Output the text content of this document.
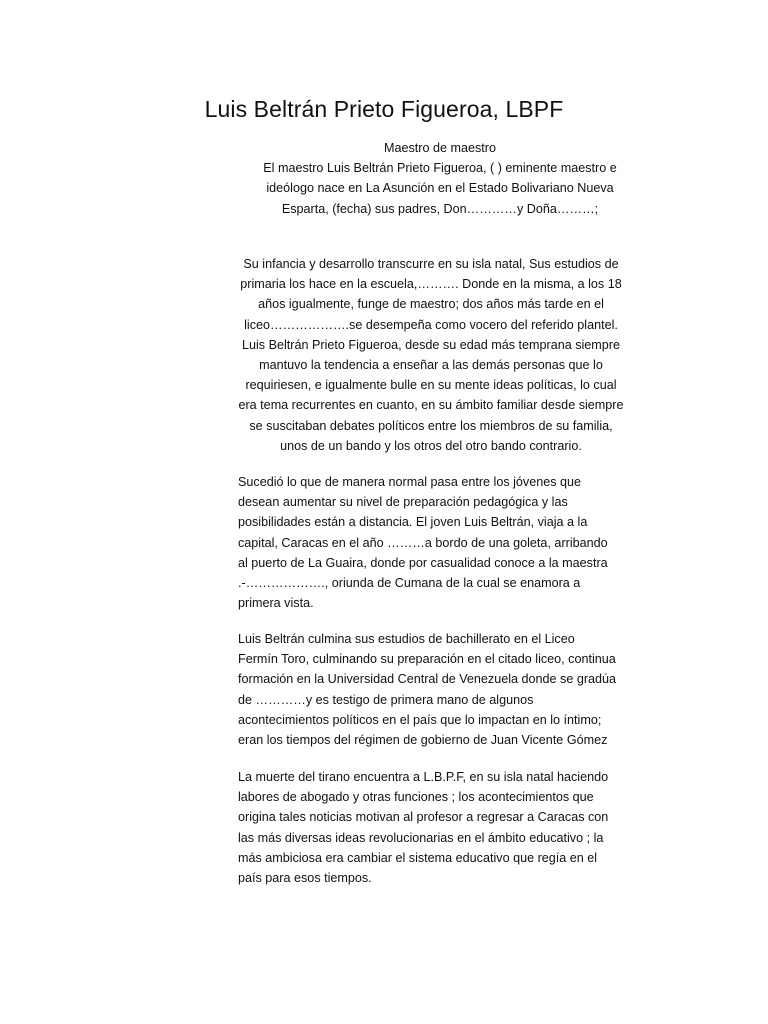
Luis Beltrán Prieto Figueroa, LBPF

Maestro de maestro
El maestro Luis Beltrán Prieto Figueroa, ( ) eminente maestro e ideólogo nace en La Asunción en el Estado Bolivariano Nueva Esparta, (fecha) sus padres, Don…………y Doña………;

Su infancia y desarrollo transcurre en su isla natal, Sus estudios de primaria los hace en la escuela,………. Donde en la misma, a los 18 años igualmente, funge de maestro; dos años más tarde en el liceo……………….se desempeña como vocero del referido plantel. Luis Beltrán Prieto Figueroa, desde su edad más temprana siempre mantuvo la tendencia a enseñar a las demás personas que lo requiriesen, e igualmente bulle en su mente ideas políticas, lo cual era tema recurrentes en cuanto, en su ámbito familiar desde siempre se suscitaban debates políticos entre los miembros de su familia, unos de un bando y los otros del otro bando contrario.

Sucedió lo que de manera normal pasa entre los jóvenes que desean aumentar su nivel de preparación pedagógica y las posibilidades están a distancia. El joven Luis Beltrán, viaja a la capital, Caracas en el año ………a bordo de una goleta, arribando al puerto de La Guaira, donde por casualidad conoce a la maestra .-………………., oriunda de Cumana de la cual se enamora a primera vista.

Luis Beltrán culmina sus estudios de bachillerato en el Liceo Fermín Toro, culminando su preparación en el citado liceo, continua formación en la Universidad Central de Venezuela donde se gradúa de …………y es testigo de primera mano de algunos acontecimientos políticos en el país que lo impactan en lo íntimo; eran los tiempos del régimen de gobierno de Juan Vicente Gómez

La muerte del tirano encuentra a L.B.P.F, en su isla natal haciendo labores de abogado y otras funciones ; los acontecimientos que origina tales noticias motivan al profesor a regresar a Caracas con las más diversas ideas revolucionarias en el ámbito educativo ; la más ambiciosa era cambiar el sistema educativo que regía en el país para esos tiempos.
